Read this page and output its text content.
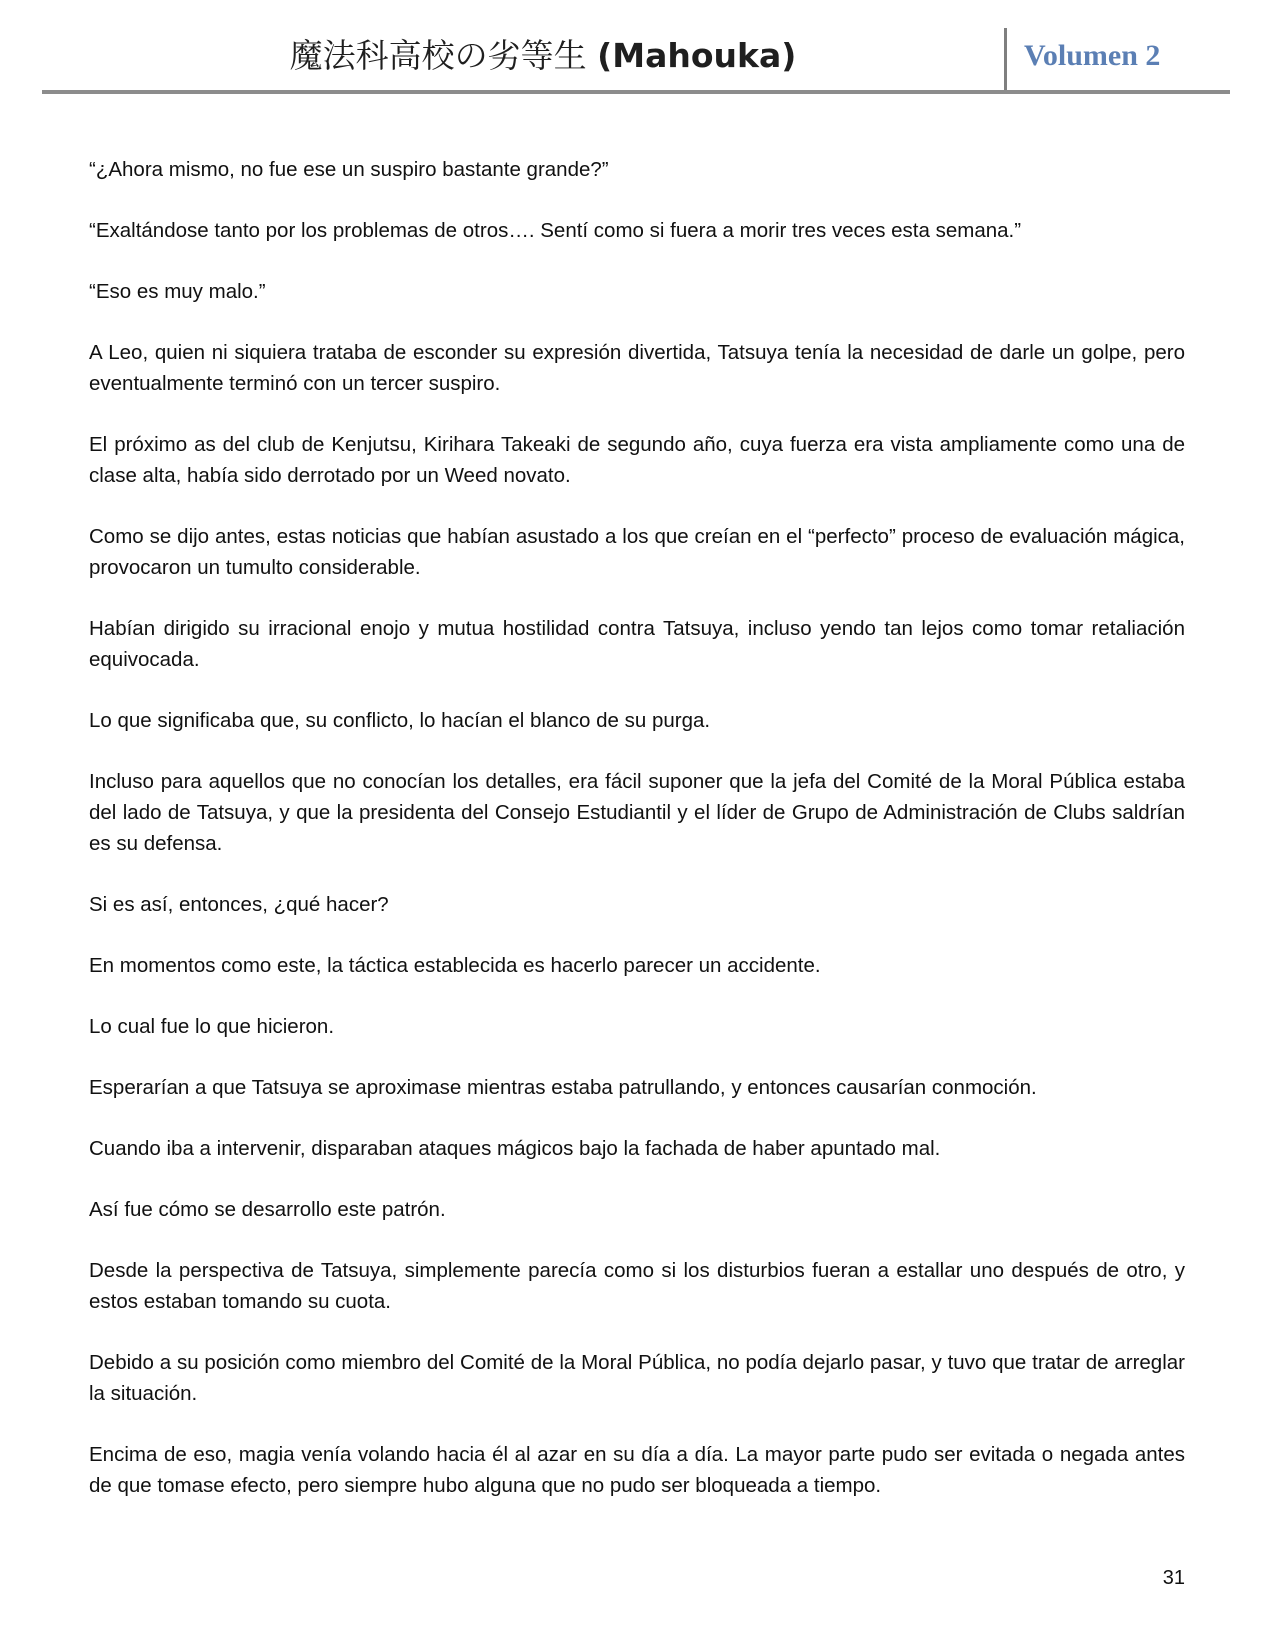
魔法科高校の劣等生 (Mahouka)	Volumen 2

“¿Ahora mismo, no fue ese un suspiro bastante grande?”

“Exaltándose tanto por los problemas de otros…. Sentí como si fuera a morir tres veces esta semana.”

“Eso es muy malo.”

A Leo, quien ni siquiera trataba de esconder su expresión divertida, Tatsuya tenía la necesidad de darle un golpe, pero eventualmente terminó con un tercer suspiro.

El próximo as del club de Kenjutsu, Kirihara Takeaki de segundo año, cuya fuerza era vista ampliamente como una de clase alta, había sido derrotado por un Weed novato.

Como se dijo antes, estas noticias que habían asustado a los que creían en el “perfecto” proceso de evaluación mágica, provocaron un tumulto considerable.

Habían dirigido su irracional enojo y mutua hostilidad contra Tatsuya, incluso yendo tan lejos como tomar retaliación equivocada.

Lo que significaba que, su conflicto, lo hacían el blanco de su purga.

Incluso para aquellos que no conocían los detalles, era fácil suponer que la jefa del Comité de la Moral Pública estaba del lado de Tatsuya, y que la presidenta del Consejo Estudiantil y el líder de Grupo de Administración de Clubs saldrían es su defensa.

Si es así, entonces, ¿qué hacer?

En momentos como este, la táctica establecida es hacerlo parecer un accidente.

Lo cual fue lo que hicieron.

Esperarían a que Tatsuya se aproximase mientras estaba patrullando, y entonces causarían conmoción.

Cuando iba a intervenir, disparaban ataques mágicos bajo la fachada de haber apuntado mal.

Así fue cómo se desarrollo este patrón.

Desde la perspectiva de Tatsuya, simplemente parecía como si los disturbios fueran a estallar uno después de otro, y estos estaban tomando su cuota.

Debido a su posición como miembro del Comité de la Moral Pública, no podía dejarlo pasar, y tuvo que tratar de arreglar la situación.

Encima de eso, magia venía volando hacia él al azar en su día a día. La mayor parte pudo ser evitada o negada antes de que tomase efecto, pero siempre hubo alguna que no pudo ser bloqueada a tiempo.

31
